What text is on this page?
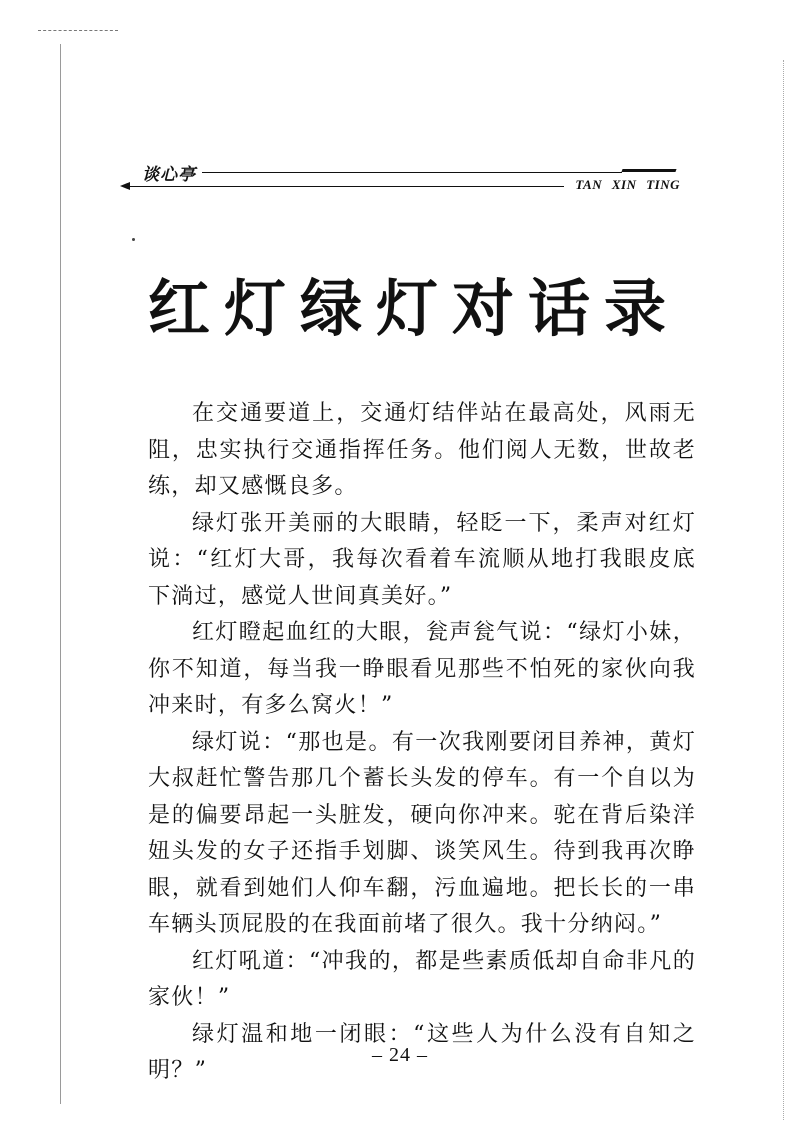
谈心亭	TAN XIN TING
红灯绿灯对话录

在交通要道上，交通灯结伴站在最高处，风雨无阻，忠实执行交通指挥任务。他们阅人无数，世故老练，却又感慨良多。

绿灯张开美丽的大眼睛，轻眨一下，柔声对红灯说：“红灯大哥，我每次看着车流顺从地打我眼皮底下淌过，感觉人世间真美好。”

红灯瞪起血红的大眼，瓮声瓮气说：“绿灯小妹，你不知道，每当我一睁眼看见那些不怕死的家伙向我冲来时，有多么窝火！”

绿灯说：“那也是。有一次我刚要闭目养神，黄灯大叔赶忙警告那几个蓄长头发的停车。有一个自以为是的偏要昂起一头脏发，硬向你冲来。驼在背后染洋妞头发的女子还指手划脚、谈笑风生。待到我再次睁眼，就看到她们人仰车翻，污血遍地。把长长的一串车辆头顶屁股的在我面前堵了很久。我十分纳闷。”

红灯吼道：“冲我的，都是些素质低却自命非凡的家伙！”

绿灯温和地一闭眼：“这些人为什么没有自知之明？”

– 24 –
